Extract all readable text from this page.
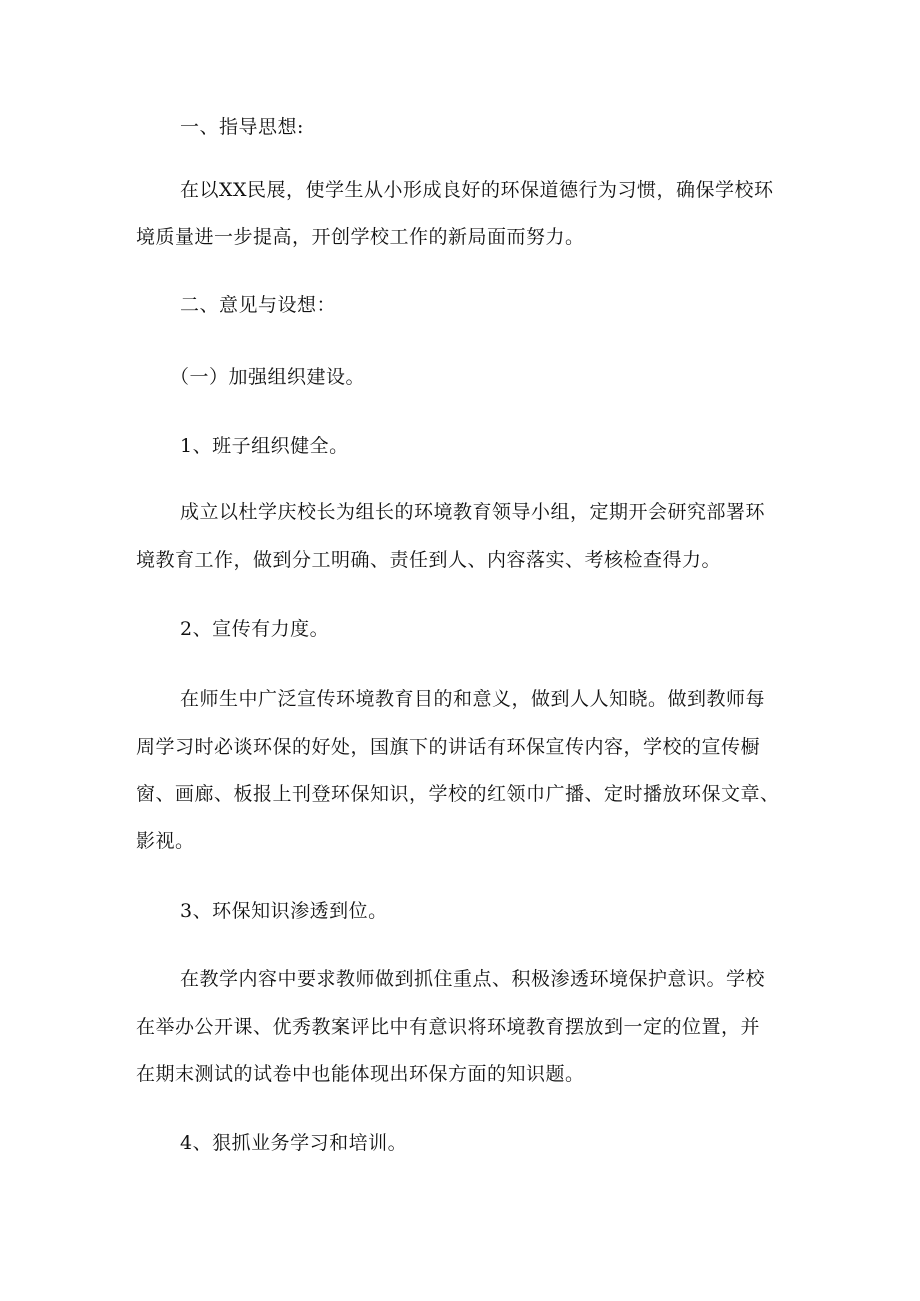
一、指导思想:

在以XX民展，使学生从小形成良好的环保道德行为习惯，确保学校环

境质量进一步提高，开创学校工作的新局面而努力。

二、意见与设想：

（一）加强组织建设。

1、班子组织健全。

成立以杜学庆校长为组长的环境教育领导小组，定期开会研究部署环

境教育工作，做到分工明确、责任到人、内容落实、考核检查得力。

2、宣传有力度。

在师生中广泛宣传环境教育目的和意义，做到人人知晓。做到教师每

周学习时必谈环保的好处，国旗下的讲话有环保宣传内容，学校的宣传橱

窗、画廊、板报上刊登环保知识，学校的红领巾广播、定时播放环保文章、

影视。

3、环保知识渗透到位。

在教学内容中要求教师做到抓住重点、积极渗透环境保护意识。学校

在举办公开课、优秀教案评比中有意识将环境教育摆放到一定的位置，并

在期末测试的试卷中也能体现出环保方面的知识题。

4、狠抓业务学习和培训。
